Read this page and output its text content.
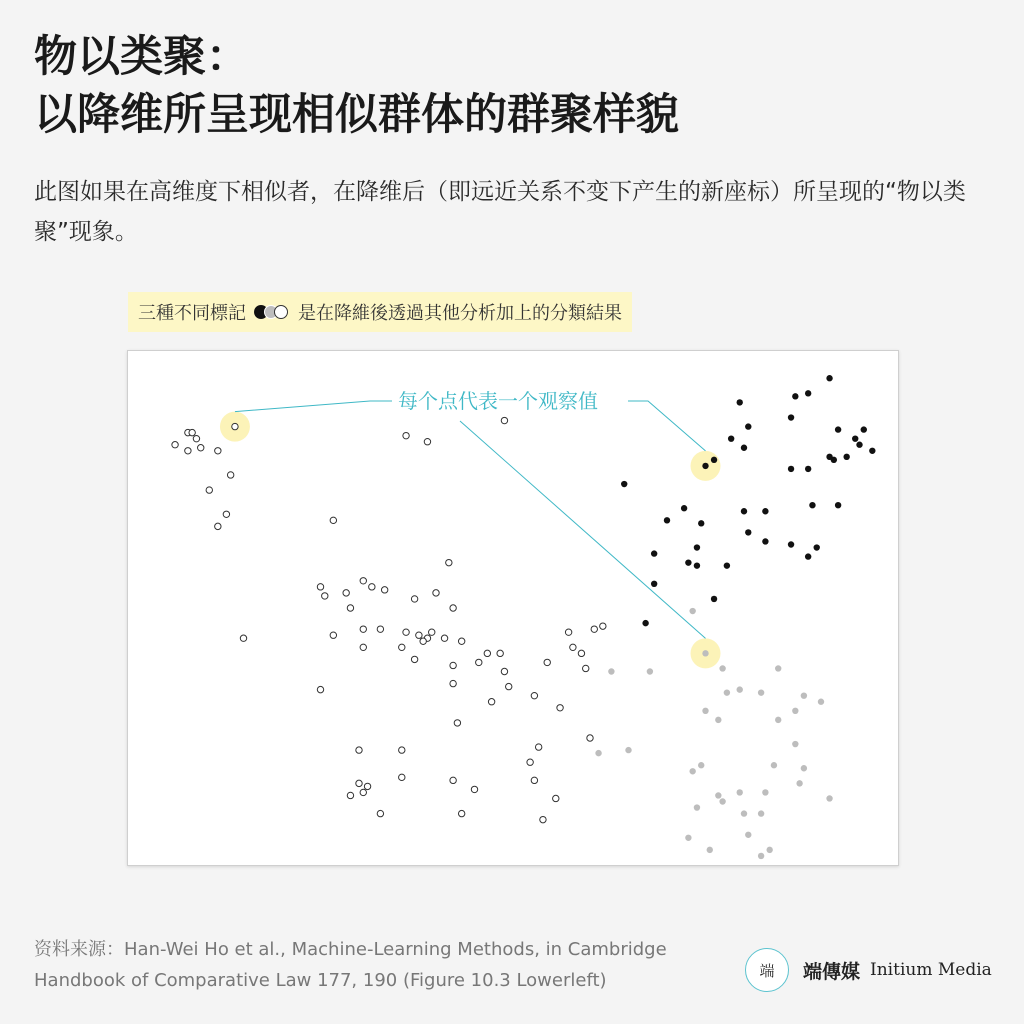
物以类聚：
以降维所呈现相似群体的群聚样貌
此图如果在高维度下相似者，在降维后（即远近关系不变下产生的新座标）所呈现的“物以类聚”现象。
三種不同標記	是在降維後透過其他分析加上的分類結果
每个点代表一个观察值
资料来源：Han-Wei Ho et al., Machine-Learning Methods, in Cambridge
Handbook of Comparative Law 177, 190 (Figure 10.3 Lowerleft)	端	端傳媒 Initium Media
